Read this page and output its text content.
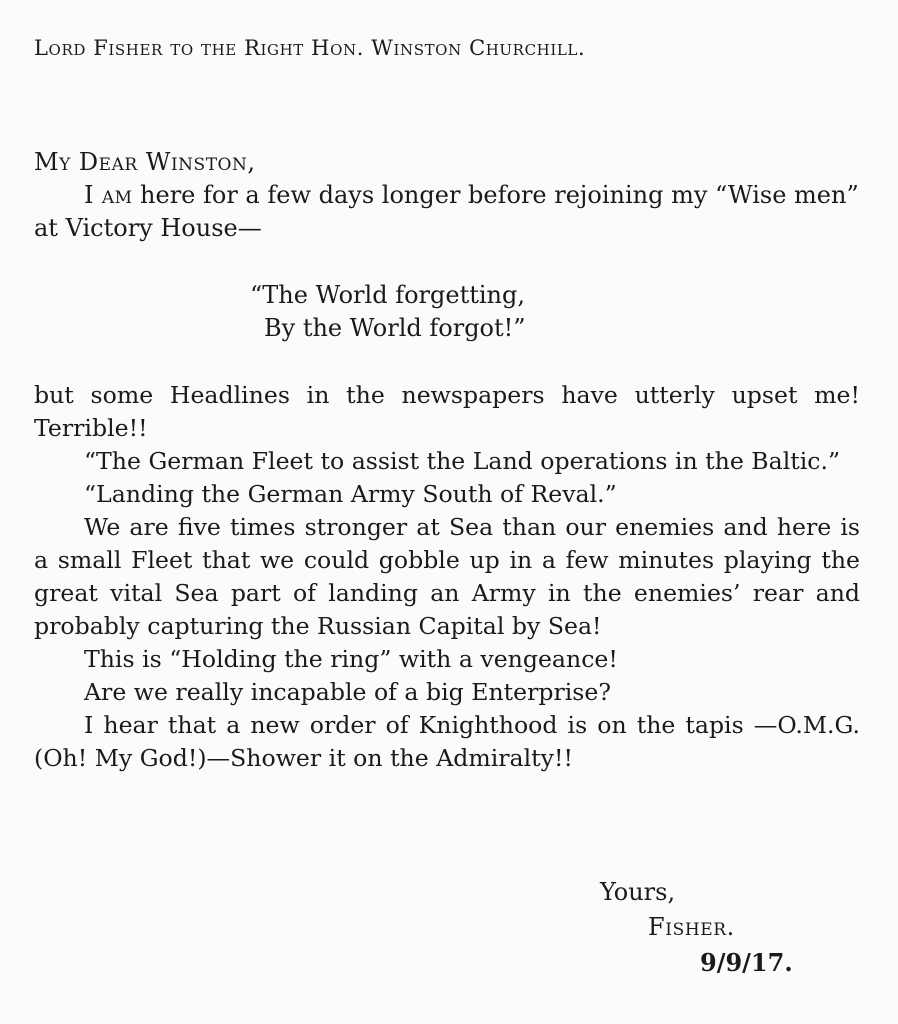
Lord Fisher to the Right Hon. Winston Churchill.
My Dear Winston,

I am here for a few days longer before rejoining my “Wise men” at Victory House—

“The World forgetting,
By the World forgot!”

but some Headlines in the newspapers have utterly upset me! Terrible!!

“The German Fleet to assist the Land operations in the Baltic.”

“Landing the German Army South of Reval.”

We are five times stronger at Sea than our enemies and here is a small Fleet that we could gobble up in a few minutes playing the great vital Sea part of landing an Army in the enemies’ rear and probably capturing the Russian Capital by Sea!

This is “Holding the ring” with a vengeance!

Are we really incapable of a big Enterprise?

I hear that a new order of Knighthood is on the tapis —O.M.G. (Oh! My God!)—Shower it on the Admiralty!!

Yours,
Fisher.
9/9/17.
